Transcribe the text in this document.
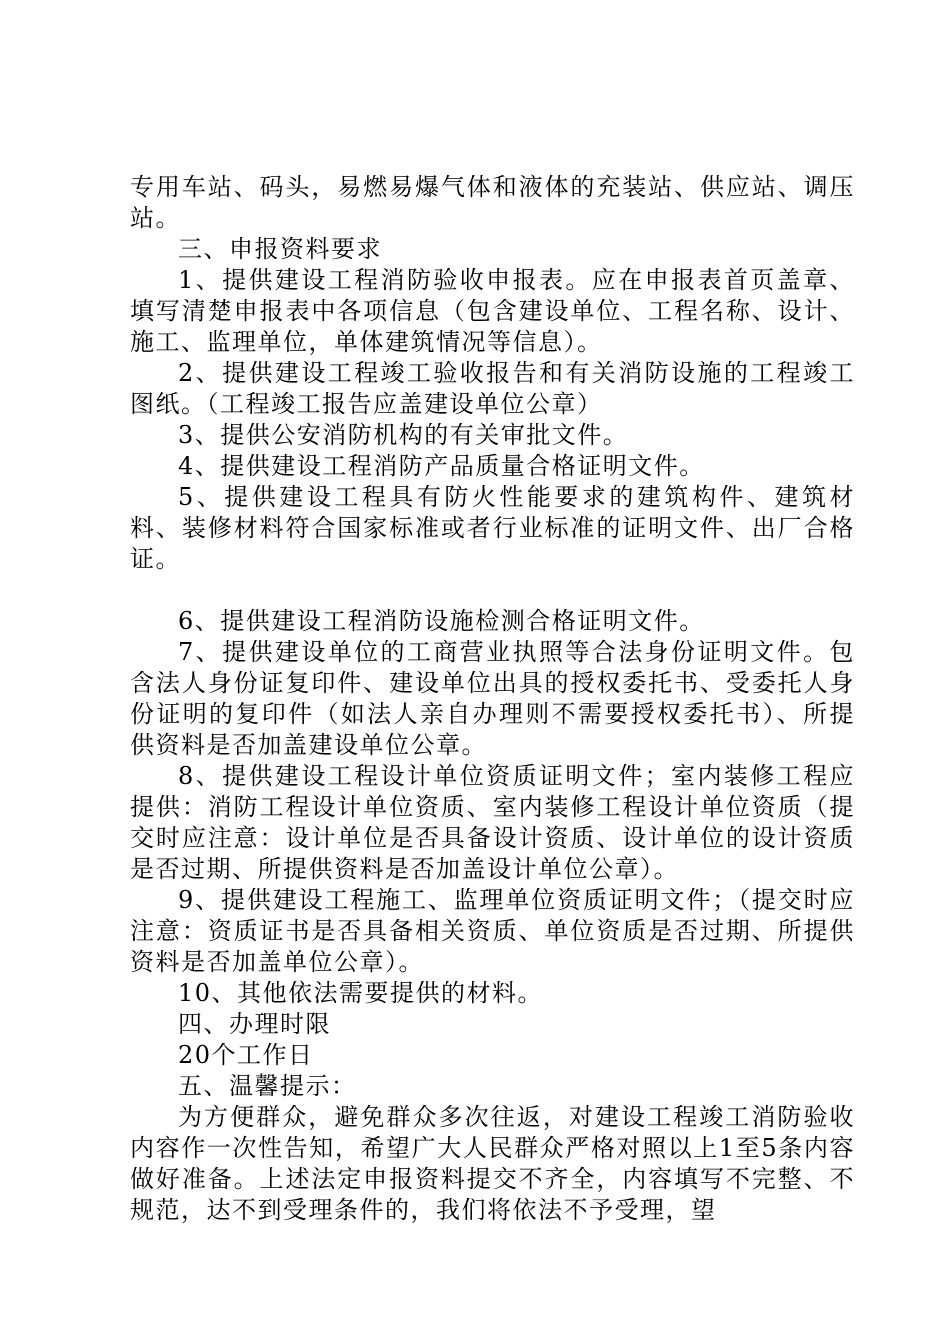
专用车站、码头，易燃易爆气体和液体的充装站、供应站、调压站。

三、申报资料要求

1、提供建设工程消防验收申报表。应在申报表首页盖章、填写清楚申报表中各项信息（包含建设单位、工程名称、设计、施工、监理单位，单体建筑情况等信息）。

2、提供建设工程竣工验收报告和有关消防设施的工程竣工图纸。（工程竣工报告应盖建设单位公章）

3、提供公安消防机构的有关审批文件。

4、提供建设工程消防产品质量合格证明文件。

5、提供建设工程具有防火性能要求的建筑构件、建筑材料、装修材料符合国家标准或者行业标准的证明文件、出厂合格证。

6、提供建设工程消防设施检测合格证明文件。

7、提供建设单位的工商营业执照等合法身份证明文件。包含法人身份证复印件、建设单位出具的授权委托书、受委托人身份证明的复印件（如法人亲自办理则不需要授权委托书）、所提供资料是否加盖建设单位公章。

8、提供建设工程设计单位资质证明文件；室内装修工程应提供：消防工程设计单位资质、室内装修工程设计单位资质（提交时应注意：设计单位是否具备设计资质、设计单位的设计资质是否过期、所提供资料是否加盖设计单位公章）。

9、提供建设工程施工、监理单位资质证明文件；（提交时应注意：资质证书是否具备相关资质、单位资质是否过期、所提供资料是否加盖单位公章）。

10、其他依法需要提供的材料。

四、办理时限

20个工作日

五、温馨提示：

为方便群众，避免群众多次往返，对建设工程竣工消防验收内容作一次性告知，希望广大人民群众严格对照以上1至5条内容做好准备。上述法定申报资料提交不齐全，内容填写不完整、不规范，达不到受理条件的，我们将依法不予受理，望
